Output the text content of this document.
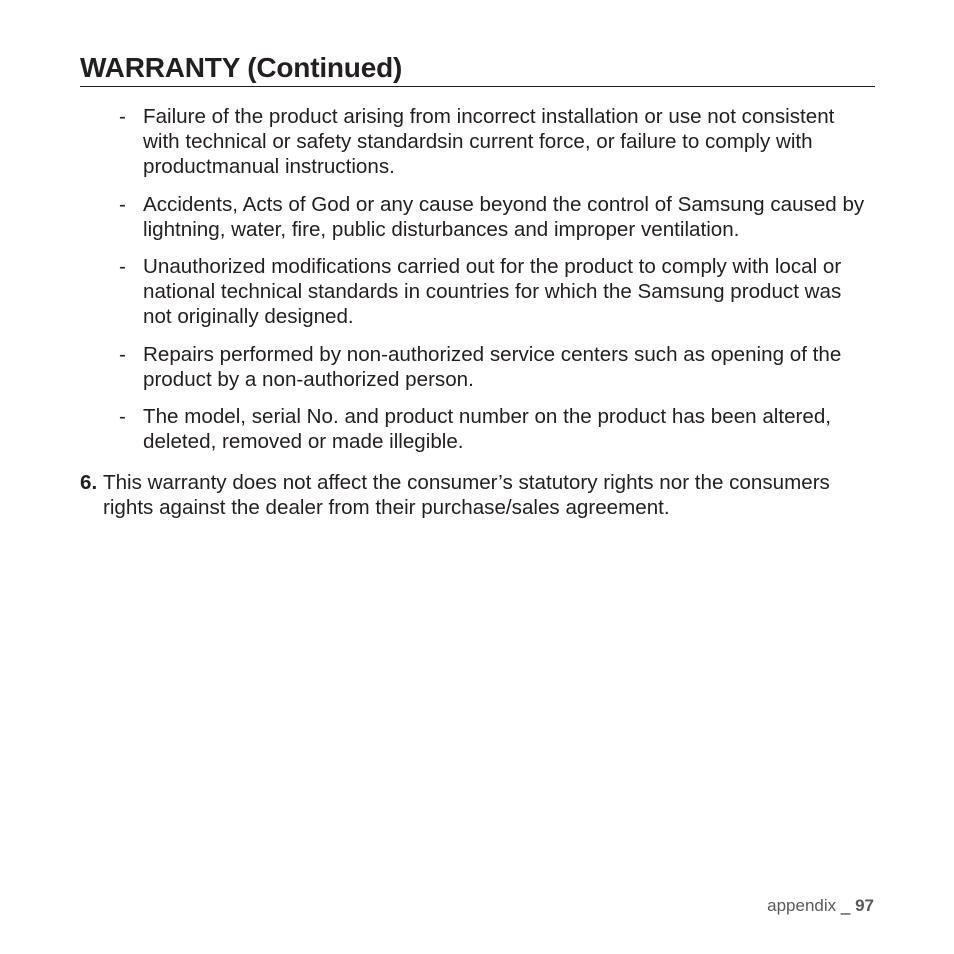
WARRANTY (Continued)
- Failure of the product arising from incorrect installation or use not consistent with technical or safety standardsin current force, or failure to comply with productmanual instructions.
- Accidents, Acts of God or any cause beyond the control of Samsung caused by lightning, water, fire, public disturbances and improper ventilation.
- Unauthorized modifications carried out for the product to comply with local or national technical standards in countries for which the Samsung product was not originally designed.
- Repairs performed by non-authorized service centers such as opening of the product by a non-authorized person.
- The model, serial No. and product number on the product has been altered, deleted, removed or made illegible.
6. This warranty does not affect the consumer’s statutory rights nor the consumers rights against the dealer from their purchase/sales agreement.
appendix _ 97
